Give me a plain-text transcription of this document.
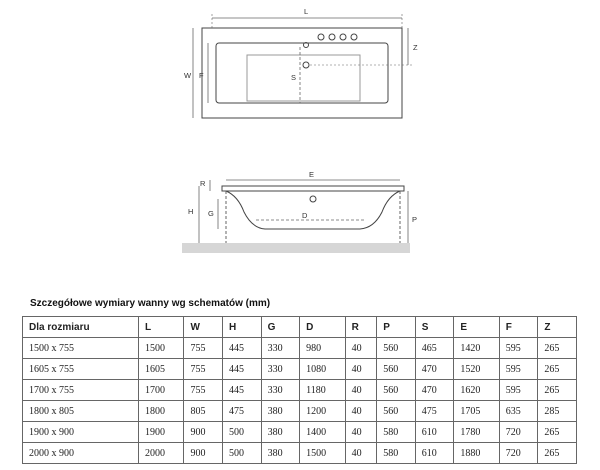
L
W F	S
Z
E
D
R
H G
P
Szczegółowe wymiary wanny wg schematów (mm)
Dla rozmiaru	L	W	H	G	D	R	P	S	E	F	Z
1500 x 755	1500	755	445	330	980	40	560	465	1420	595	265
1605 x 755	1605	755	445	330	1080	40	560	470	1520	595	265
1700 x 755	1700	755	445	330	1180	40	560	470	1620	595	265
1800 x 805	1800	805	475	380	1200	40	560	475	1705	635	285
1900 x 900	1900	900	500	380	1400	40	580	610	1780	720	265
2000 x 900	2000	900	500	380	1500	40	580	610	1880	720	265
